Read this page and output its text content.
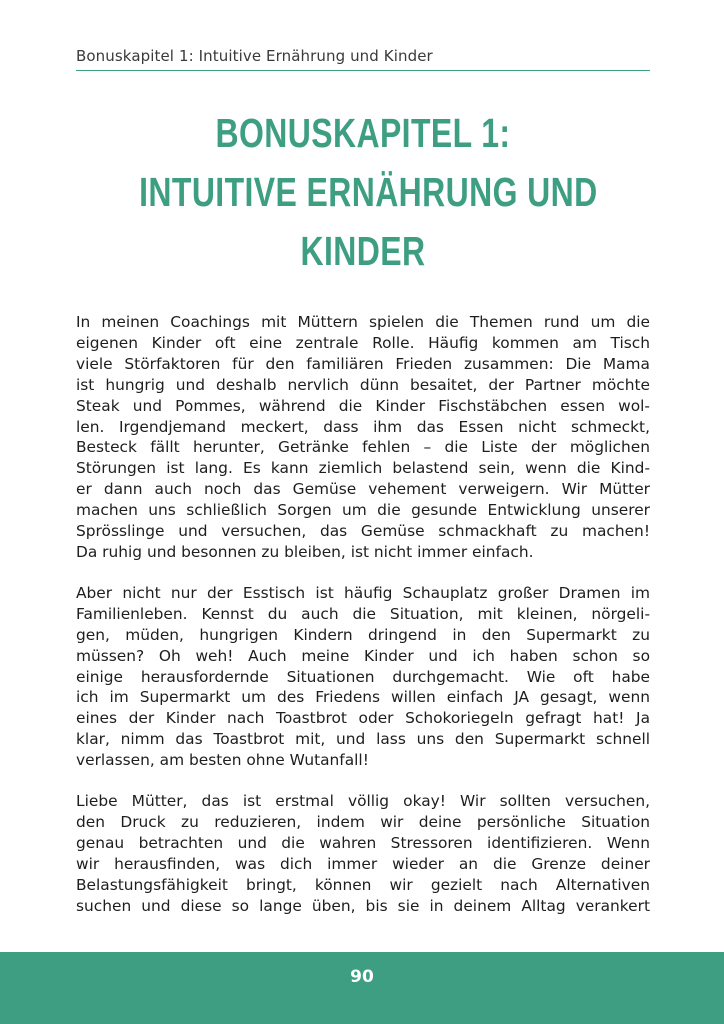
Bonuskapitel 1: Intuitive Ernährung und Kinder
BONUSKAPITEL 1:
INTUITIVE ERNÄHRUNG UND
KINDER

In meinen Coachings mit Müttern spielen die Themen rund um die
eigenen Kinder oft eine zentrale Rolle. Häufig kommen am Tisch
viele Störfaktoren für den familiären Frieden zusammen: Die Mama
ist hungrig und deshalb nervlich dünn besaitet, der Partner möchte
Steak und Pommes, während die Kinder Fischstäbchen essen wol-
len. Irgendjemand meckert, dass ihm das Essen nicht schmeckt,
Besteck fällt herunter, Getränke fehlen – die Liste der möglichen
Störungen ist lang. Es kann ziemlich belastend sein, wenn die Kind-
er dann auch noch das Gemüse vehement verweigern. Wir Mütter
machen uns schließlich Sorgen um die gesunde Entwicklung unserer
Sprösslinge und versuchen, das Gemüse schmackhaft zu machen!
Da ruhig und besonnen zu bleiben, ist nicht immer einfach.

Aber nicht nur der Esstisch ist häufig Schauplatz großer Dramen im
Familienleben. Kennst du auch die Situation, mit kleinen, nörgeli-
gen, müden, hungrigen Kindern dringend in den Supermarkt zu
müssen? Oh weh! Auch meine Kinder und ich haben schon so
einige herausfordernde Situationen durchgemacht. Wie oft habe
ich im Supermarkt um des Friedens willen einfach JA gesagt, wenn
eines der Kinder nach Toastbrot oder Schokoriegeln gefragt hat! Ja
klar, nimm das Toastbrot mit, und lass uns den Supermarkt schnell
verlassen, am besten ohne Wutanfall!

Liebe Mütter, das ist erstmal völlig okay! Wir sollten versuchen,
den Druck zu reduzieren, indem wir deine persönliche Situation
genau betrachten und die wahren Stressoren identifizieren. Wenn
wir herausfinden, was dich immer wieder an die Grenze deiner
Belastungsfähigkeit bringt, können wir gezielt nach Alternativen
suchen und diese so lange üben, bis sie in deinem Alltag verankert

90
